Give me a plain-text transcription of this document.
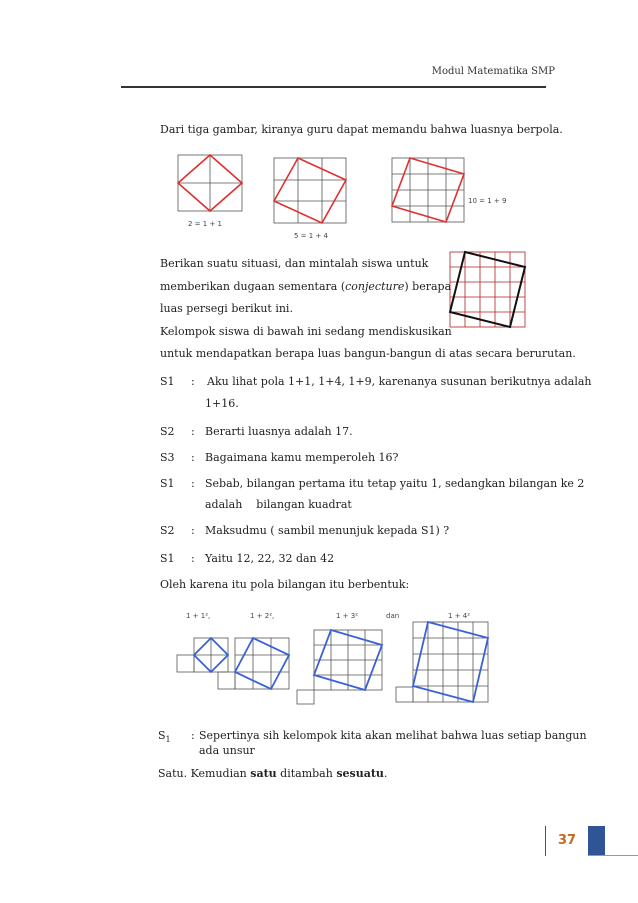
Modul Matematika SMP
Dari tiga gambar, kiranya guru dapat memandu bahwa luasnya berpola.
2 = 1 + 1
5 = 1 + 4
10 = 1 + 9
Berikan suatu situasi, dan mintalah siswa untuk
memberikan dugaan sementara (conjecture) berapa
luas persegi berikut ini.
Kelompok siswa di bawah ini sedang mendiskusikan
untuk mendapatkan berapa luas bangun-bangun di atas secara berurutan.
S1 : Aku lihat pola 1+1, 1+4, 1+9, karenanya susunan berikutnya adalah
1+16.
S2 : Berarti luasnya adalah 17.
S3 : Bagaimana kamu memperoleh 16?
S1 : Sebab, bilangan pertama itu tetap yaitu 1, sedangkan bilangan ke 2
adalah    bilangan kuadrat
S2 : Maksudmu ( sambil menunjuk kepada S1) ?
S1 : Yaitu 12, 22, 32 dan 42
Oleh karena itu pola bilangan itu berbentuk:
1 + 1²,	1 + 2²,	1 + 3²	dan	1 + 4²
$S_1$ : Sepertinya sih kelompok kita akan melihat bahwa luas setiap bangun
ada unsur
Satu. Kemudian satu ditambah sesuatu.
37
